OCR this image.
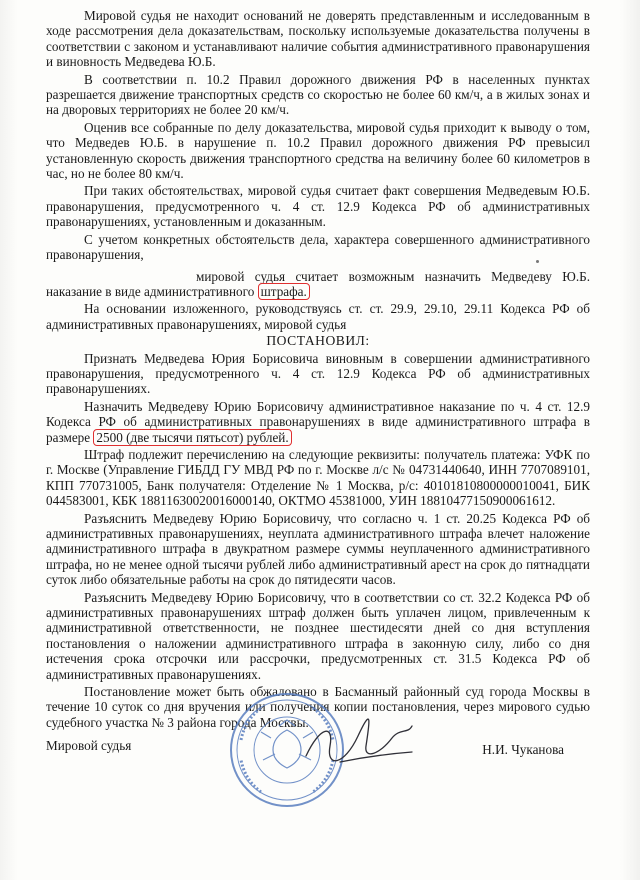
Мировой судья не находит оснований не доверять представленным и исследованным в ходе рассмотрения дела доказательствам, поскольку используемые доказательства получены в соответствии с законом и устанавливают наличие события административного правонарушения и виновность Медведева Ю.Б.

В соответствии п. 10.2 Правил дорожного движения РФ в населенных пунктах разрешается движение транспортных средств со скоростью не более 60 км/ч, а в жилых зонах и на дворовых территориях не более 20 км/ч.

Оценив все собранные по делу доказательства, мировой судья приходит к выводу о том, что Медведев Ю.Б. в нарушение п. 10.2 Правил дорожного движения РФ превысил установленную скорость движения транспортного средства на величину более 60 километров в час, но не более 80 км/ч.

При таких обстоятельствах, мировой судья считает факт совершения Медведевым Ю.Б. правонарушения, предусмотренного ч. 4 ст. 12.9 Кодекса РФ об административных правонарушениях, установленным и доказанным.

С учетом конкретных обстоятельств дела, характера совершенного административного правонарушения,

мировой судья считает возможным назначить Медведеву Ю.Б. наказание в виде административного штрафа.

На основании изложенного, руководствуясь ст. ст. 29.9, 29.10, 29.11 Кодекса РФ об административных правонарушениях, мировой судья

ПОСТАНОВИЛ:

Признать Медведева Юрия Борисовича виновным в совершении административного правонарушения, предусмотренного ч. 4 ст. 12.9 Кодекса РФ об административных правонарушениях.

Назначить Медведеву Юрию Борисовичу административное наказание по ч. 4 ст. 12.9 Кодекса РФ об административных правонарушениях в виде административного штрафа в размере 2500 (две тысячи пятьсот) рублей.

Штраф подлежит перечислению на следующие реквизиты: получатель платежа: УФК по г. Москве (Управление ГИБДД ГУ МВД РФ по г. Москве л/с № 04731440640, ИНН 7707089101, КПП 770731005, Банк получателя: Отделение № 1 Москва, р/с: 40101810800000010041, БИК 044583001, КБК 18811630020016000140, ОКТМО 45381000, УИН 18810477150900061612.

Разъяснить Медведеву Юрию Борисовичу, что согласно ч. 1 ст. 20.25 Кодекса РФ об административных правонарушениях, неуплата административного штрафа влечет наложение административного штрафа в двукратном размере суммы неуплаченного административного штрафа, но не менее одной тысячи рублей либо административный арест на срок до пятнадцати суток либо обязательные работы на срок до пятидесяти часов.

Разъяснить Медведеву Юрию Борисовичу, что в соответствии со ст. 32.2 Кодекса РФ об административных правонарушениях штраф должен быть уплачен лицом, привлеченным к административной ответственности, не позднее шестидесяти дней со дня вступления постановления о наложении административного штрафа в законную силу, либо со дня истечения срока отсрочки или рассрочки, предусмотренных ст. 31.5 Кодекса РФ об административных правонарушениях.

Постановление может быть обжаловано в Басманный районный суд города Москвы в течение 10 суток со дня вручения или получения копии постановления, через мирового судью судебного участка № 3 района города Москвы.

Мировой судья	Н.И. Чуканова
